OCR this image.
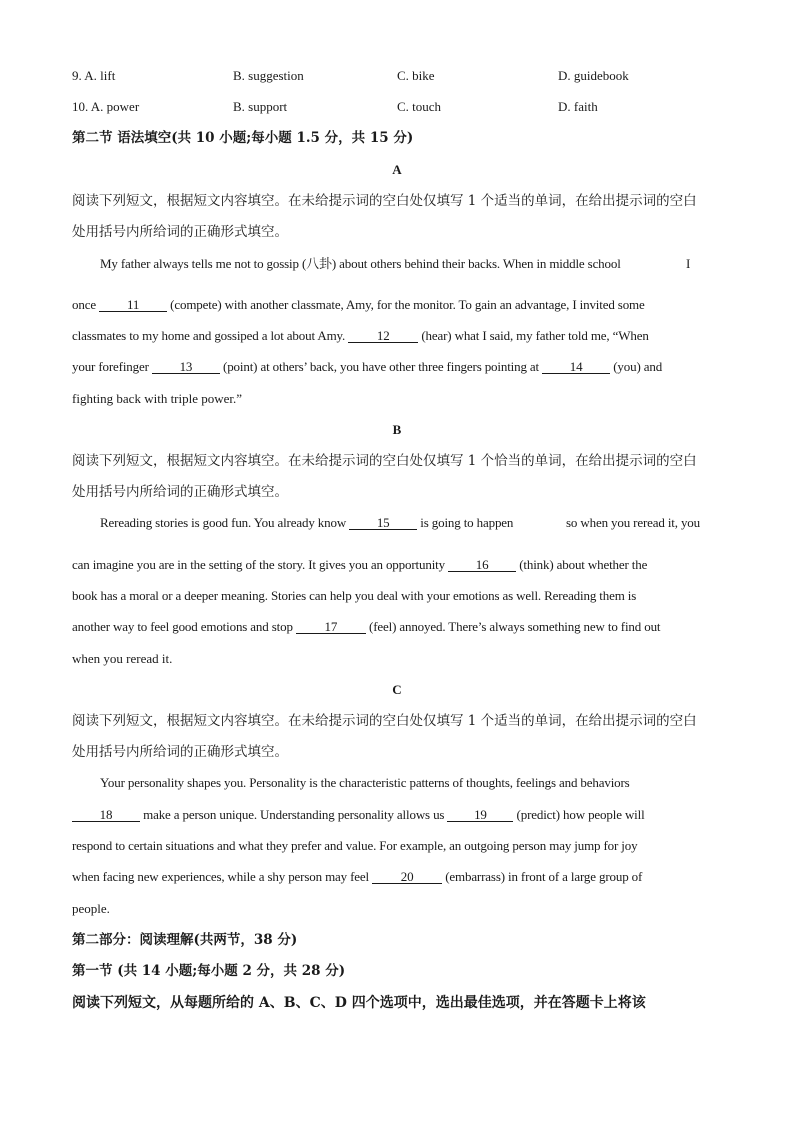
9. A. lift	B. suggestion	C. bike	D. guidebook
10. A. power	B. support	C. touch	D. faith
第二节 语法填空(共 10 小题;每小题 1.5 分，共 15 分)
A
阅读下列短文，根据短文内容填空。在未给提示词的空白处仅填写 1 个适当的单词，在给出提示词的空白
处用括号内所给词的正确形式填空。
My father always tells me not to gossip (八卦) about others behind their backs. When in middle school	I
once 11 (compete) with another classmate, Amy, for the monitor. To gain an advantage, I invited some
classmates to my home and gossiped a lot about Amy. 12 (hear) what I said, my father told me, “When
your forefinger 13 (point) at others’ back, you have other three fingers pointing at 14 (you) and
fighting back with triple power.”
B
阅读下列短文，根据短文内容填空。在未给提示词的空白处仅填写 1 个恰当的单词，在给出提示词的空白
处用括号内所给词的正确形式填空。
Rereading stories is good fun. You already know 15 is going to happen	so when you reread it, you
can imagine you are in the setting of the story. It gives you an opportunity 16 (think) about whether the
book has a moral or a deeper meaning. Stories can help you deal with your emotions as well. Rereading them is
another way to feel good emotions and stop 17 (feel) annoyed. There’s always something new to find out
when you reread it.
C
阅读下列短文，根据短文内容填空。在未给提示词的空白处仅填写 1 个适当的单词，在给出提示词的空白
处用括号内所给词的正确形式填空。
Your personality shapes you. Personality is the characteristic patterns of thoughts, feelings and behaviors
18 make a person unique. Understanding personality allows us 19 (predict) how people will
respond to certain situations and what they prefer and value. For example, an outgoing person may jump for joy
when facing new experiences, while a shy person may feel 20 (embarrass) in front of a large group of
people.
第二部分：阅读理解(共两节，38 分)
第一节 (共 14 小题;每小题 2 分，共 28 分)
阅读下列短文，从每题所给的 A、B、C、D 四个选项中，选出最佳选项，并在答题卡上将该
